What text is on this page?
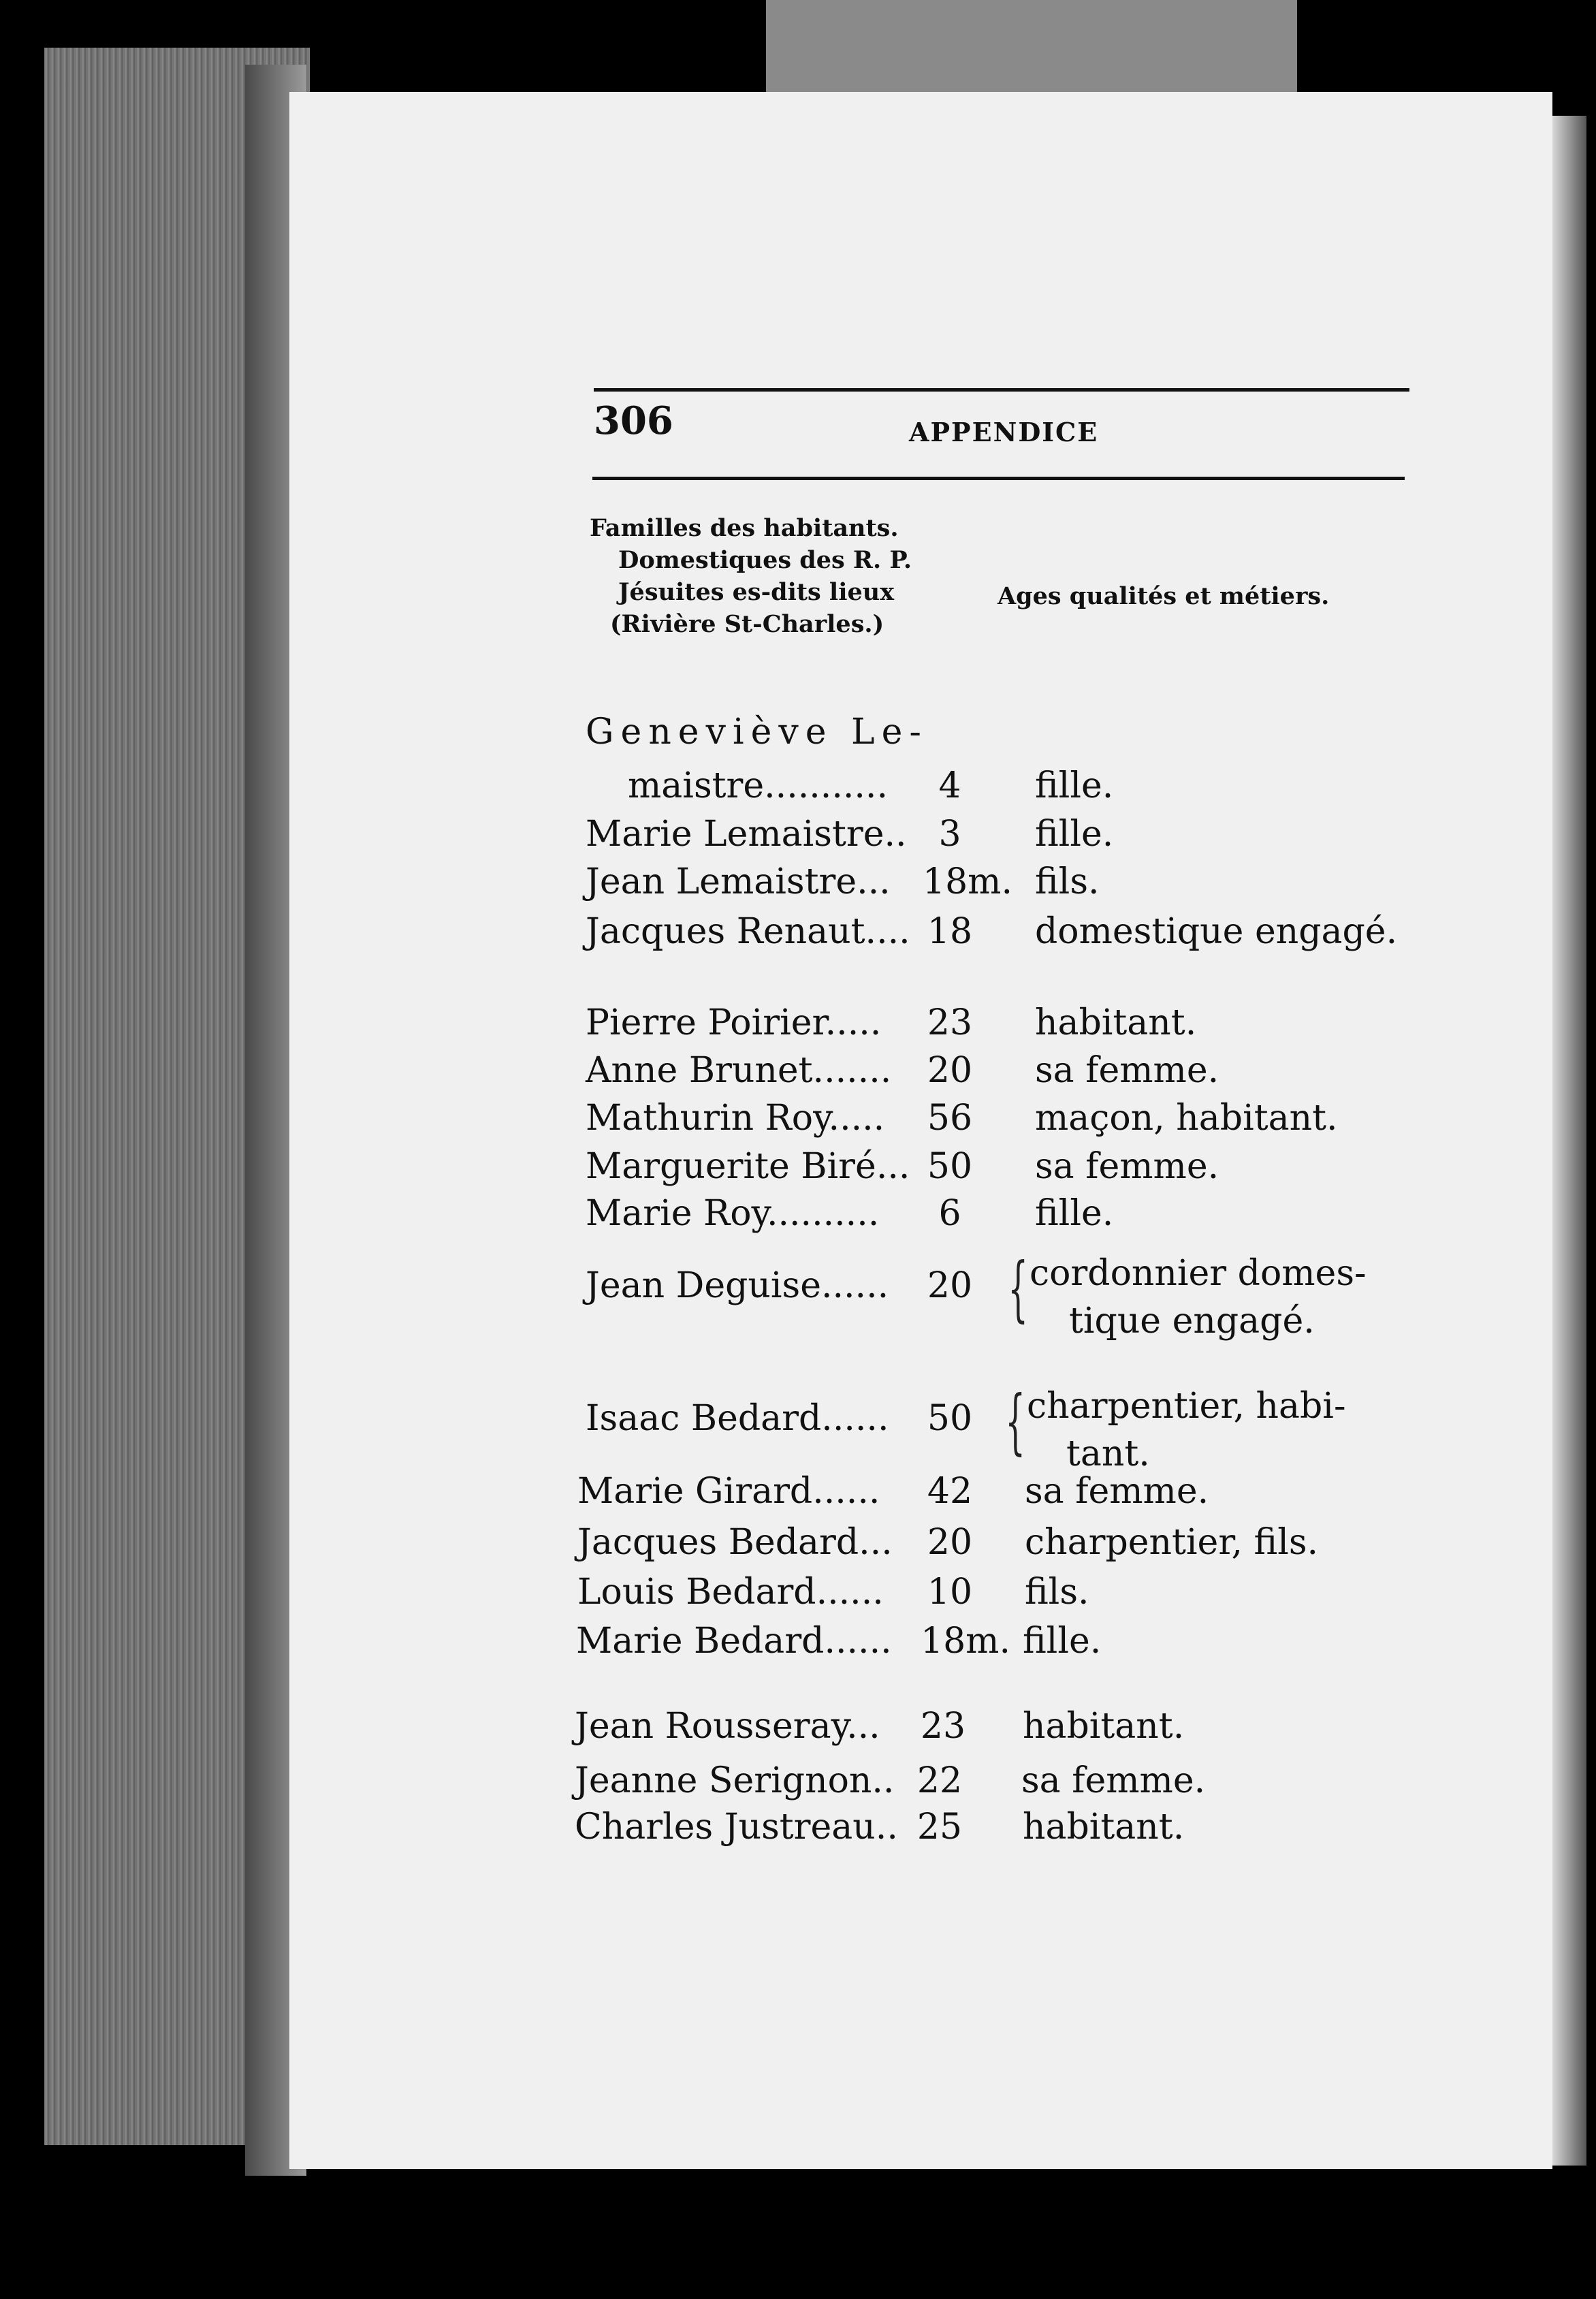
306	APPENDICE
Familles des habitants.
Domestiques des R. P.
Jésuites es-dits lieux
(Rivière St-Charles.)
Ages qualités et métiers.
Geneviève Le-
maistre...........	4	fille.
Marie Lemaistre.. 3	fille.
Jean Lemaistre... 18m. fils.
Jacques Renaut.... 18	domestique engagé.
Pierre Poirier.....	23	habitant.
Anne Brunet.......	20	sa femme.
Mathurin Roy.....	56	maçon, habitant.
Marguerite Biré... 50	sa femme.
Marie Roy..........	6	fille.
Jean Deguise......	20 { cordonnier domes-
tique engagé.
Isaac Bedard......	50 { charpentier, habi-
tant.
Marie Girard......	42	sa femme.
Jacques Bedard... 20	charpentier, fils.
Louis Bedard......	10	fils.
Marie Bedard...... 18m. fille.
Jean Rousseray...	23	habitant.
Jeanne Serignon.. 22	sa femme.
Charles Justreau.. 25	habitant.
